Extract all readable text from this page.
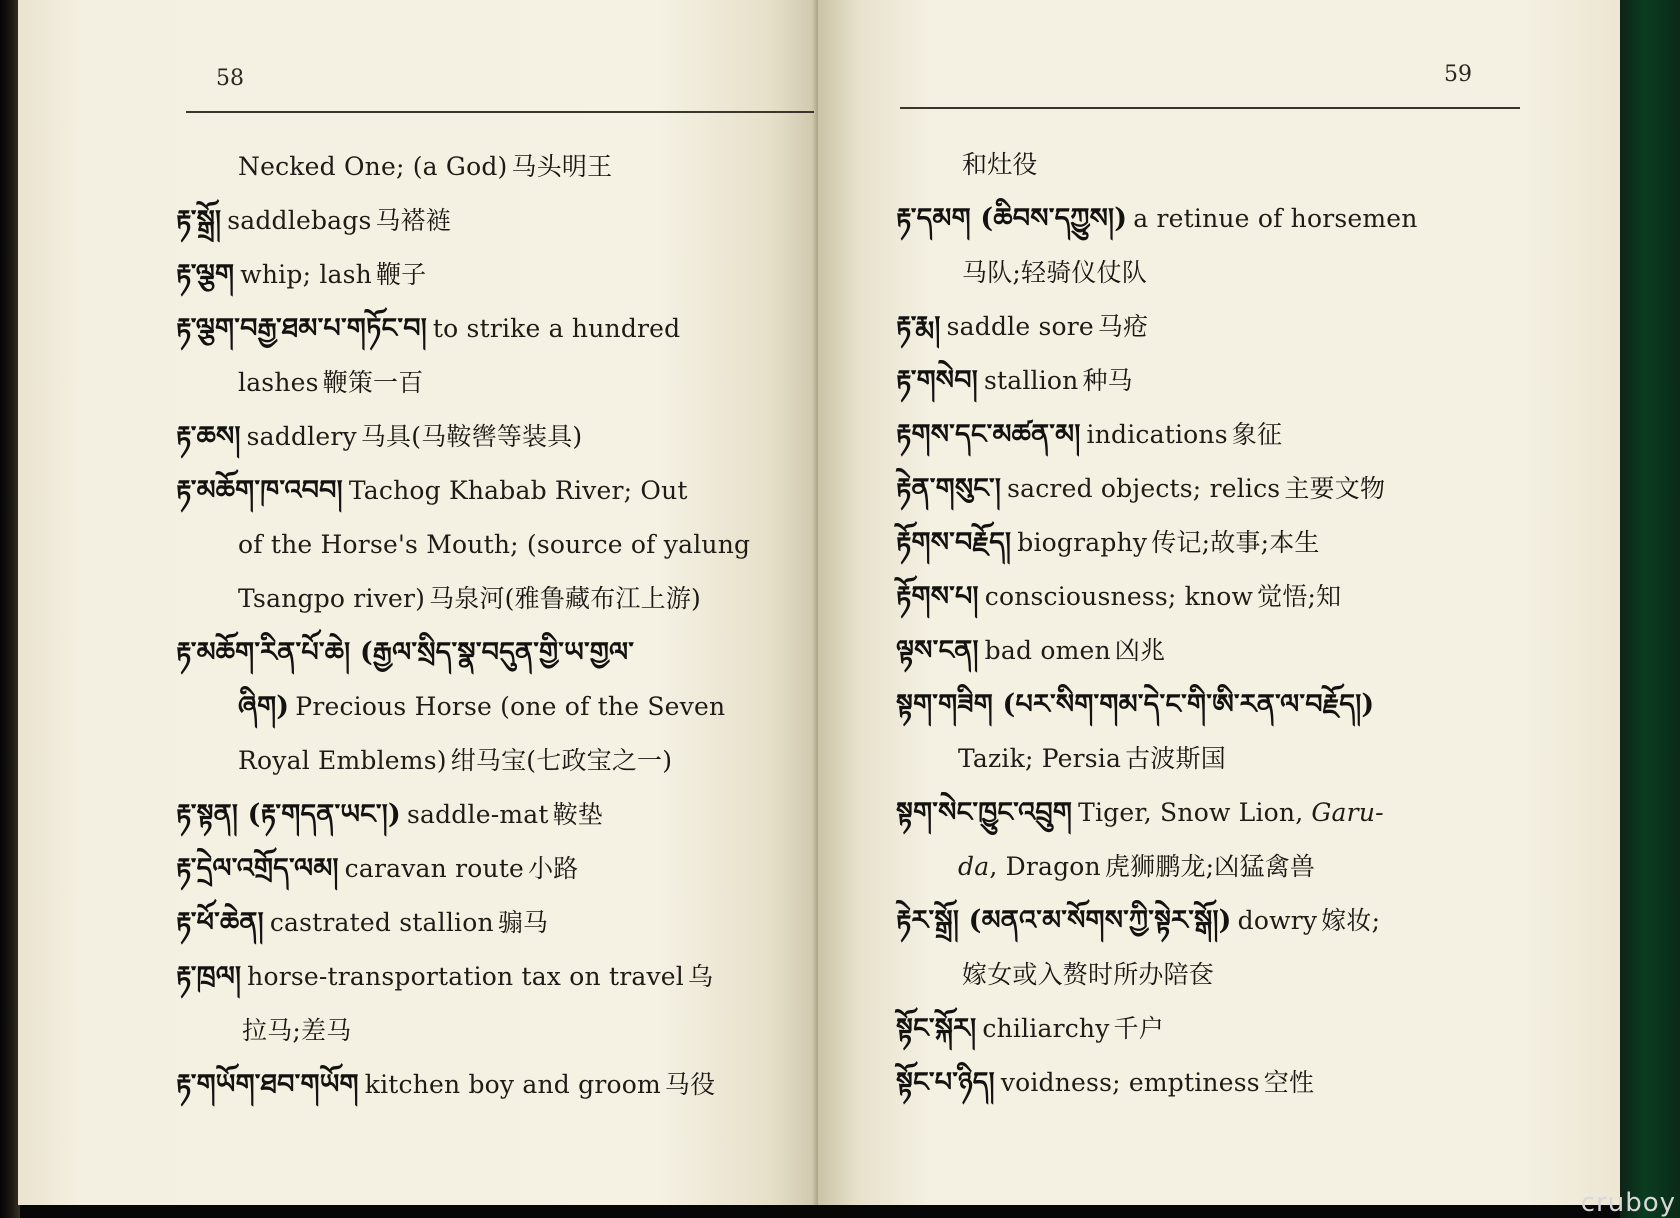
58
Necked One; (a God) 马头明王
རྟ་སྒྲོ། saddlebags 马褡裢
རྟ་ལྕག whip; lash 鞭子
རྟ་ལྕག་བརྒྱ་ཐམ་པ་གཏོང་བ། to strike a hundred
lashes 鞭策一百
རྟ་ཆས། saddlery 马具(马鞍辔等装具)
རྟ་མཆོག་ཁ་འབབ། Tachog Khabab River; Out
of the Horse's Mouth; (source of yalung
Tsangpo river) 马泉河(雅鲁藏布江上游)
རྟ་མཆོག་རིན་པོ་ཆེ། (རྒྱལ་སྲིད་སྣ་བདུན་གྱི་ཡ་གྱལ་
ཞིག) Precious Horse (one of the Seven
Royal Emblems) 绀马宝(七政宝之一)
རྟ་སྟན། (རྟ་གདན་ཡང་།) saddle-mat 鞍垫
རྟ་དྲེལ་འགྲོད་ལམ། caravan route 小路
རྟ་ཕོ་ཆེན། castrated stallion 骟马
རྟ་ཁྲལ། horse-transportation tax on travel 乌
拉马;差马
རྟ་གཡོག་ཐབ་གཡོག kitchen boy and groom 马役
59
和灶役
རྟ་དམག (ཆིབས་དཀྱུས།) a retinue of horsemen
马队;轻骑仪仗队
རྟ་རྨ། saddle sore 马疮
རྟ་གསེབ། stallion 种马
རྟགས་དང་མཚན་མ། indications 象征
རྟེན་གསུང་། sacred objects; relics 主要文物
རྟོགས་བརྗོད། biography 传记;故事;本生
རྟོགས་པ། consciousness; know 觉悟;知
ལྟས་ངན། bad omen 凶兆
སྟག་གཟིག (པར་སིག་གམ་དེ་ང་གི་ཨི་རན་ལ་བརྗོད།)
Tazik; Persia 古波斯国
སྟག་སེང་ཁྱུང་འབྲུག Tiger, Snow Lion, Garu-
da, Dragon 虎狮鹏龙;凶猛禽兽
རྟེར་སྒྲོ། (མནའ་མ་སོགས་ཀྱི་སྟེར་སྒོ།) dowry 嫁妆;
嫁女或入赘时所办陪奁
སྟོང་སྐོར། chiliarchy 千户
སྟོང་པ་ཉིད། voidness; emptiness 空性
cruboy
